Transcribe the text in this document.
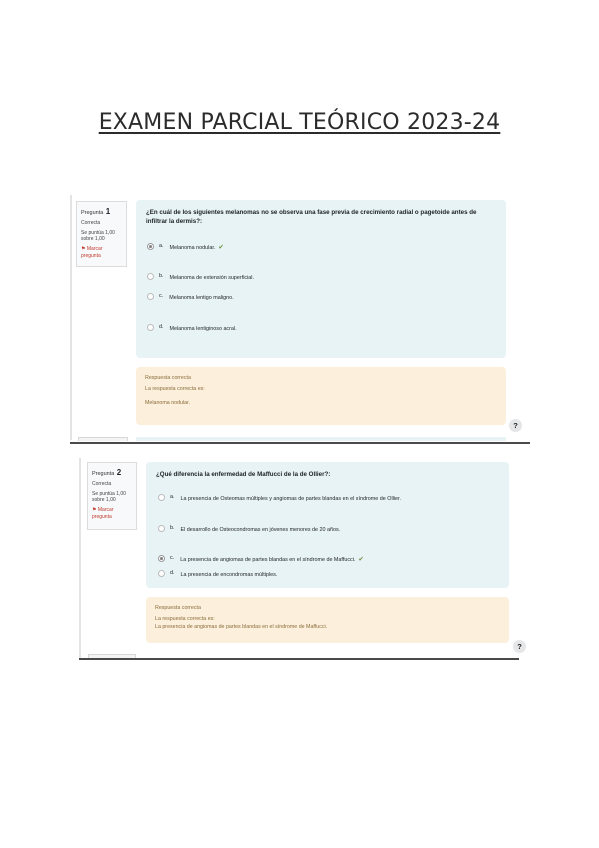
EXAMEN PARCIAL TEÓRICO 2023-24
Pregunta 1
Correcta
Se puntúa 1,00 sobre 1,00
⚑ Marcar pregunta
¿En cuál de los siguientes melanomas no se observa una fase previa de crecimiento radial o pagetoide antes de infiltrar la dermis?:
a. Melanoma nodular. ✔
b. Melanoma de extensión superficial.
c. Melanoma lentigo maligno.
d. Melanoma lentiginoso acral.
Respuesta correcta
La respuesta correcta es:
Melanoma nodular.
?
Pregunta 2
Correcta
Se puntúa 1,00 sobre 1,00
⚑ Marcar pregunta
¿Qué diferencia la enfermedad de Maffucci de la de Ollier?:
a. La presencia de Osteomas múltiples y angiomas de partes blandas en el síndrome de Ollier.
b. El desarrollo de Osteocondromas en jóvenes menores de 20 años.
c. La presencia de angiomas de partes blandas en el síndrome de Maffucci. ✔
d. La presencia de encondromas múltiples.
Respuesta correcta
La respuesta correcta es:
La presencia de angiomas de partes blandas en el síndrome de Maffucci.
?
